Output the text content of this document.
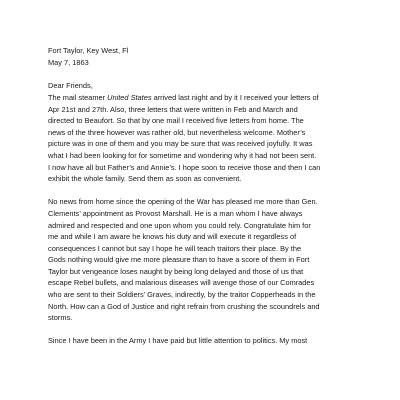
Fort Taylor, Key West, Fl
May 7, 1863
Dear Friends,
The mail steamer United States arrived last night and by it I received your letters of
Apr 21st and 27th. Also, three letters that were written in Feb and March and
directed to Beaufort. So that by one mail I received five letters from home. The
news of the three however was rather old, but nevertheless welcome. Mother’s
picture was in one of them and you may be sure that was received joyfully. It was
what I had been looking for for sometime and wondering why it had not been sent.
I now have all but Father’s and Annie’s. I hope soon to receive those and then I can
exhibit the whole family. Send them as soon as convenient.
No news from home since the opening of the War has pleased me more than Gen.
Clements’ appointment as Provost Marshall. He is a man whom I have always
admired and respected and one upon whom you could rely. Congratulate him for
me and while I am aware he knows his duty and will execute it regardless of
consequences I cannot but say I hope he will teach traitors their place. By the
Gods nothing would give me more pleasure than to have a score of them in Fort
Taylor but vengeance loses naught by being long delayed and those of us that
escape Rebel bullets, and malarious diseases will avenge those of our Comrades
who are sent to their Soldiers’ Graves, indirectly, by the traitor Copperheads in the
North. How can a God of Justice and right refrain from crushing the scoundrels and
storms.
Since I have been in the Army I have paid but little attention to politics. My most
